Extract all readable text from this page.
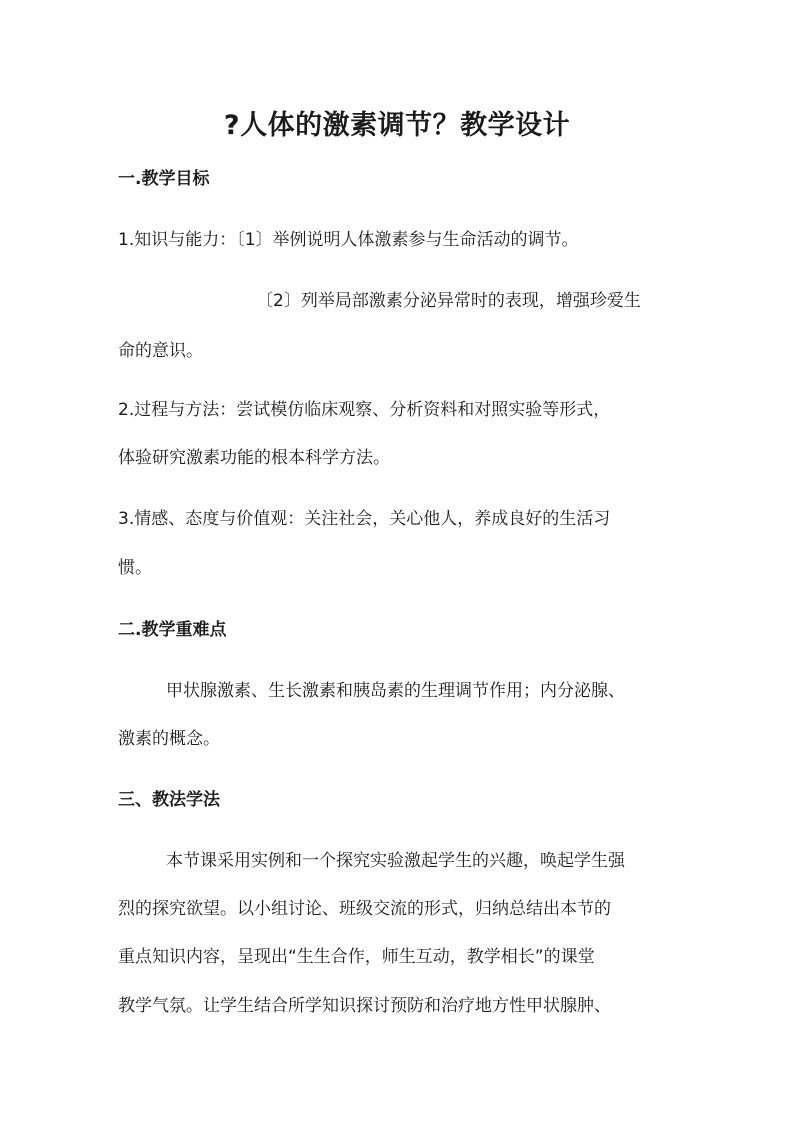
?人体的激素调节？教学设计
一.教学目标
1.知识与能力：〔1〕举例说明人体激素参与生命活动的调节。
〔2〕列举局部激素分泌异常时的表现，增强珍爱生
命的意识。
2.过程与方法：尝试模仿临床观察、分析资料和对照实验等形式，
体验研究激素功能的根本科学方法。
3.情感、态度与价值观：关注社会，关心他人，养成良好的生活习
惯。
二.教学重难点
甲状腺激素、生长激素和胰岛素的生理调节作用；内分泌腺、
激素的概念。
三、教法学法
本节课采用实例和一个探究实验激起学生的兴趣，唤起学生强
烈的探究欲望。以小组讨论、班级交流的形式，归纳总结出本节的
重点知识内容，呈现出“生生合作，师生互动，教学相长”的课堂
教学气氛。让学生结合所学知识探讨预防和治疗地方性甲状腺肿、
